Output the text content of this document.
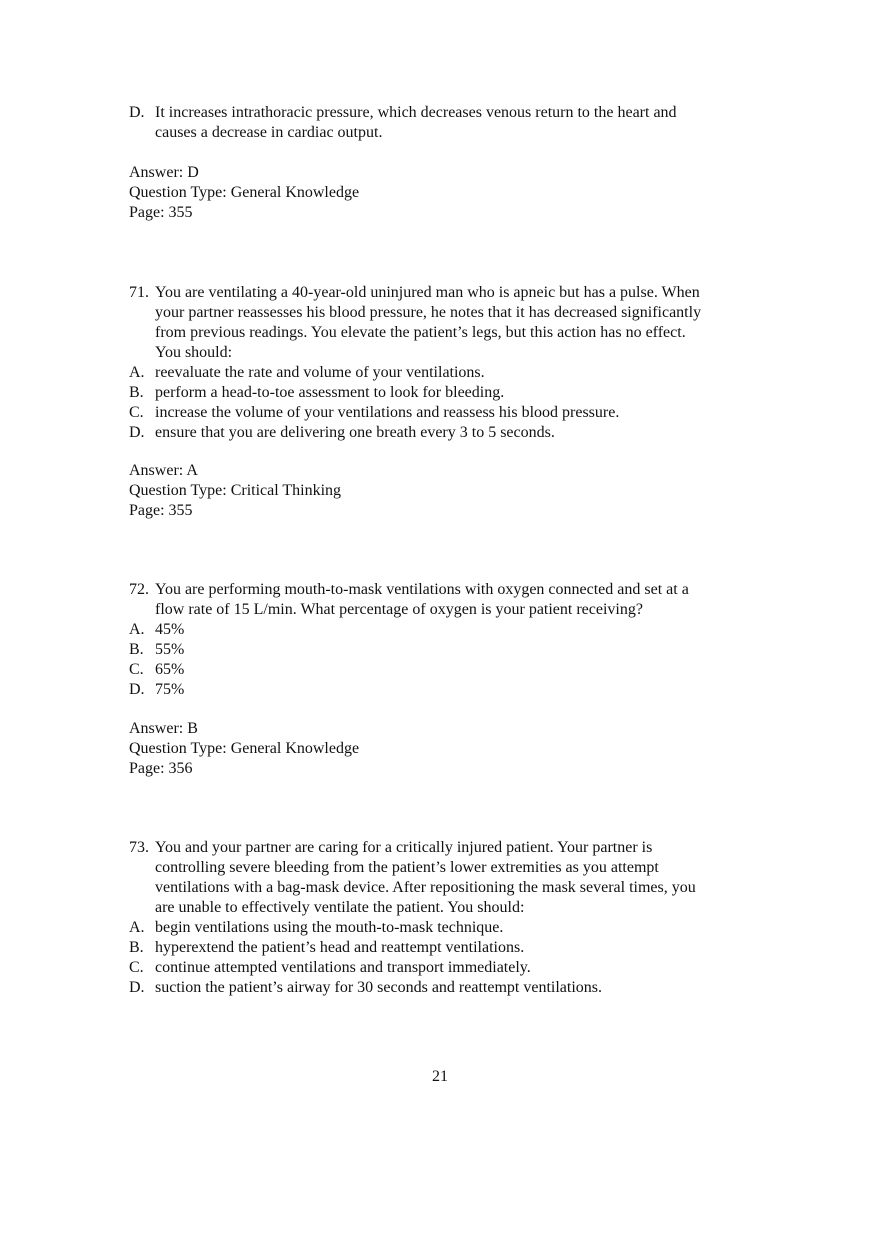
D. It increases intrathoracic pressure, which decreases venous return to the heart and
causes a decrease in cardiac output.
Answer: D
Question Type: General Knowledge
Page: 355
71. You are ventilating a 40-year-old uninjured man who is apneic but has a pulse. When
your partner reassesses his blood pressure, he notes that it has decreased significantly
from previous readings. You elevate the patient’s legs, but this action has no effect.
You should:
A. reevaluate the rate and volume of your ventilations.
B. perform a head-to-toe assessment to look for bleeding.
C. increase the volume of your ventilations and reassess his blood pressure.
D. ensure that you are delivering one breath every 3 to 5 seconds.
Answer: A
Question Type: Critical Thinking
Page: 355
72. You are performing mouth-to-mask ventilations with oxygen connected and set at a
flow rate of 15 L/min. What percentage of oxygen is your patient receiving?
A. 45%
B. 55%
C. 65%
D. 75%
Answer: B
Question Type: General Knowledge
Page: 356
73. You and your partner are caring for a critically injured patient. Your partner is
controlling severe bleeding from the patient’s lower extremities as you attempt
ventilations with a bag-mask device. After repositioning the mask several times, you
are unable to effectively ventilate the patient. You should:
A. begin ventilations using the mouth-to-mask technique.
B. hyperextend the patient’s head and reattempt ventilations.
C. continue attempted ventilations and transport immediately.
D. suction the patient’s airway for 30 seconds and reattempt ventilations.
21
